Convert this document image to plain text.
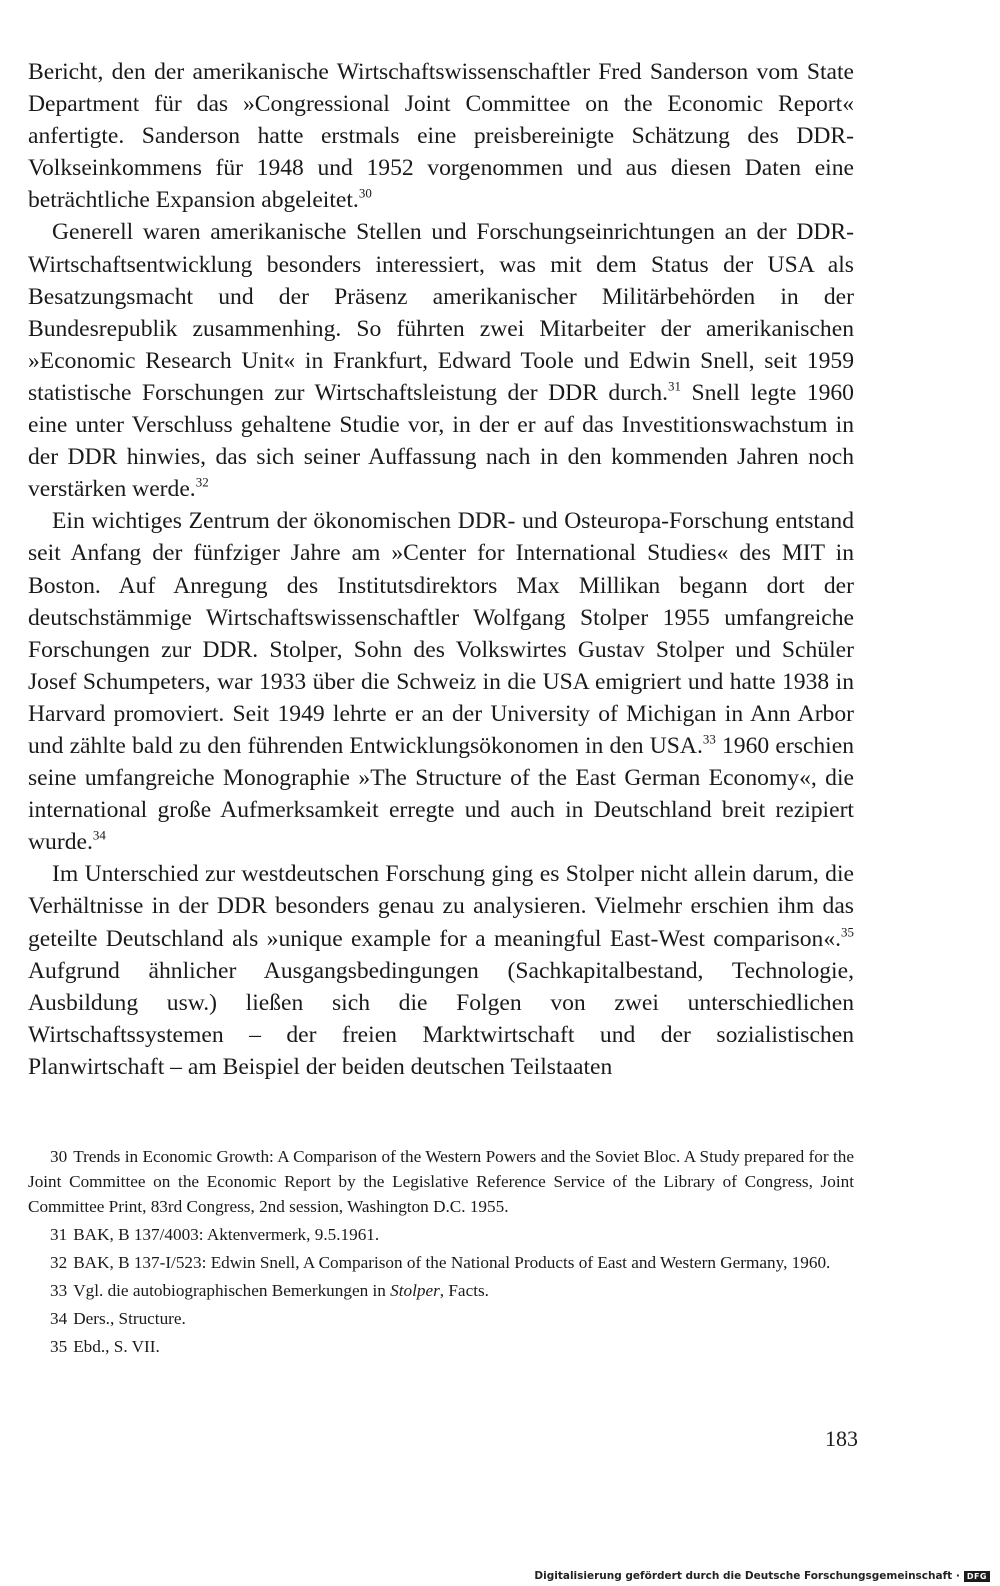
Bericht, den der amerikanische Wirtschaftswissenschaftler Fred Sanderson vom State Department für das »Congressional Joint Committee on the Economic Report« anfertigte. Sanderson hatte erstmals eine preisbereinigte Schätzung des DDR-Volkseinkommens für 1948 und 1952 vorgenommen und aus diesen Daten eine beträchtliche Expansion abgeleitet.$^{30}$

Generell waren amerikanische Stellen und Forschungseinrichtungen an der DDR-Wirtschaftsentwicklung besonders interessiert, was mit dem Status der USA als Besatzungsmacht und der Präsenz amerikanischer Militärbehörden in der Bundesrepublik zusammenhing. So führten zwei Mitarbeiter der amerikanischen »Economic Research Unit« in Frankfurt, Edward Toole und Edwin Snell, seit 1959 statistische Forschungen zur Wirtschaftsleistung der DDR durch.$^{31}$ Snell legte 1960 eine unter Verschluss gehaltene Studie vor, in der er auf das Investitionswachstum in der DDR hinwies, das sich seiner Auffassung nach in den kommenden Jahren noch verstärken werde.$^{32}$

Ein wichtiges Zentrum der ökonomischen DDR- und Osteuropa-Forschung entstand seit Anfang der fünfziger Jahre am »Center for International Studies« des MIT in Boston. Auf Anregung des Institutsdirektors Max Millikan begann dort der deutschstämmige Wirtschaftswissenschaftler Wolfgang Stolper 1955 umfangreiche Forschungen zur DDR. Stolper, Sohn des Volkswirtes Gustav Stolper und Schüler Josef Schumpeters, war 1933 über die Schweiz in die USA emigriert und hatte 1938 in Harvard promoviert. Seit 1949 lehrte er an der University of Michigan in Ann Arbor und zählte bald zu den führenden Entwicklungsökonomen in den USA.$^{33}$ 1960 erschien seine umfangreiche Monographie »The Structure of the East German Economy«, die international große Aufmerksamkeit erregte und auch in Deutschland breit rezipiert wurde.$^{34}$

Im Unterschied zur westdeutschen Forschung ging es Stolper nicht allein darum, die Verhältnisse in der DDR besonders genau zu analysieren. Vielmehr erschien ihm das geteilte Deutschland als »unique example for a meaningful East-West comparison«.$^{35}$ Aufgrund ähnlicher Ausgangsbedingungen (Sachkapitalbestand, Technologie, Ausbildung usw.) ließen sich die Folgen von zwei unterschiedlichen Wirtschaftssystemen – der freien Marktwirtschaft und der sozialistischen Planwirtschaft – am Beispiel der beiden deutschen Teilstaaten

30 Trends in Economic Growth: A Comparison of the Western Powers and the Soviet Bloc. A Study prepared for the Joint Committee on the Economic Report by the Legislative Reference Service of the Library of Congress, Joint Committee Print, 83rd Congress, 2nd session, Washington D.C. 1955.

31 BAK, B 137/4003: Aktenvermerk, 9.5.1961.

32 BAK, B 137-I/523: Edwin Snell, A Comparison of the National Products of East and Western Germany, 1960.

33 Vgl. die autobiographischen Bemerkungen in Stolper, Facts.

34 Ders., Structure.

35 Ebd., S. VII.

183
Digitalisierung gefördert durch die Deutsche Forschungsgemeinschaft · DFG
